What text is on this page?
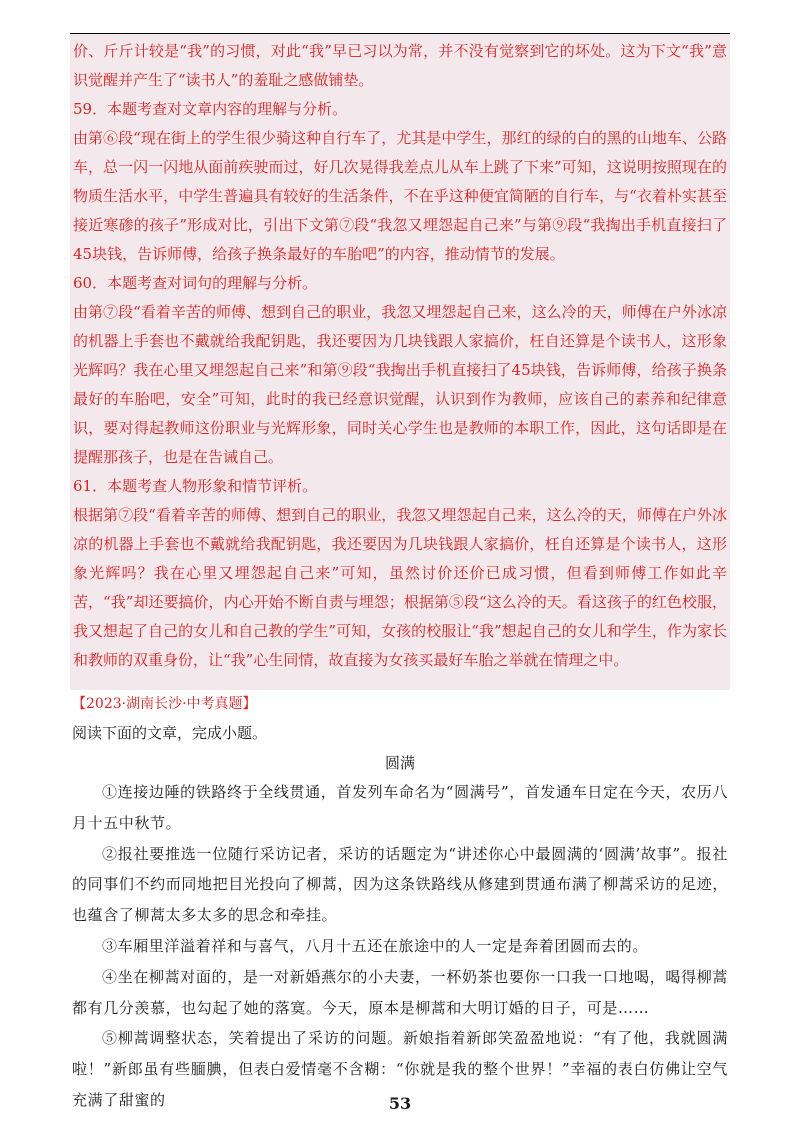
价、斤斤计较是“我”的习惯，对此“我”早已习以为常，并不没有觉察到它的坏处。这为下文“我”意识觉醒并产生了“读书人”的羞耻之感做铺垫。

59．本题考查对文章内容的理解与分析。

由第⑥段“现在街上的学生很少骑这种自行车了，尤其是中学生，那红的绿的白的黑的山地车、公路车，总一闪一闪地从面前疾驶而过，好几次晃得我差点儿从车上跳了下来”可知，这说明按照现在的物质生活水平，中学生普遍具有较好的生活条件，不在乎这种便宜简陋的自行车，与“衣着朴实甚至接近寒碜的孩子”形成对比，引出下文第⑦段“我忽又埋怨起自己来”与第⑨段“我掏出手机直接扫了45块钱，告诉师傅，给孩子换条最好的车胎吧”的内容，推动情节的发展。

60．本题考查对词句的理解与分析。

由第⑦段“看着辛苦的师傅、想到自己的职业，我忽又埋怨起自己来，这么冷的天，师傅在户外冰凉的机器上手套也不戴就给我配钥匙，我还要因为几块钱跟人家搞价，枉自还算是个读书人，这形象光辉吗？我在心里又埋怨起自己来”和第⑨段“我掏出手机直接扫了45块钱，告诉师傅，给孩子换条最好的车胎吧，安全”可知，此时的我已经意识觉醒，认识到作为教师，应该自己的素养和纪律意识，要对得起教师这份职业与光辉形象，同时关心学生也是教师的本职工作，因此，这句话即是在提醒那孩子，也是在告诫自己。

61．本题考查人物形象和情节评析。

根据第⑦段“看着辛苦的师傅、想到自己的职业，我忽又埋怨起自己来，这么冷的天，师傅在户外冰凉的机器上手套也不戴就给我配钥匙，我还要因为几块钱跟人家搞价，枉自还算是个读书人，这形象光辉吗？我在心里又埋怨起自己来”可知，虽然讨价还价已成习惯，但看到师傅工作如此辛苦，“我”却还要搞价，内心开始不断自责与埋怨；根据第⑤段“这么冷的天。看这孩子的红色校服，我又想起了自己的女儿和自己教的学生”可知，女孩的校服让“我”想起自己的女儿和学生，作为家长和教师的双重身份，让“我”心生同情，故直接为女孩买最好车胎之举就在情理之中。

【2023·湖南长沙·中考真题】
阅读下面的文章，完成小题。
圆满

①连接边陲的铁路终于全线贯通，首发列车命名为“圆满号”，首发通车日定在今天，农历八月十五中秋节。

②报社要推选一位随行采访记者，采访的话题定为“讲述你心中最圆满的‘圆满’故事”。报社的同事们不约而同地把目光投向了柳蒿，因为这条铁路线从修建到贯通布满了柳蒿采访的足迹，也蕴含了柳蒿太多太多的思念和牵挂。

③车厢里洋溢着祥和与喜气，八月十五还在旅途中的人一定是奔着团圆而去的。

④坐在柳蒿对面的，是一对新婚燕尔的小夫妻，一杯奶茶也要你一口我一口地喝，喝得柳蒿都有几分羡慕，也勾起了她的落寞。今天，原本是柳蒿和大明订婚的日子，可是……

⑤柳蒿调整状态，笑着提出了采访的问题。新娘指着新郎笑盈盈地说：“有了他，我就圆满啦！”新郎虽有些腼腆，但表白爱情毫不含糊：“你就是我的整个世界！”幸福的表白仿佛让空气充满了甜蜜的	53
